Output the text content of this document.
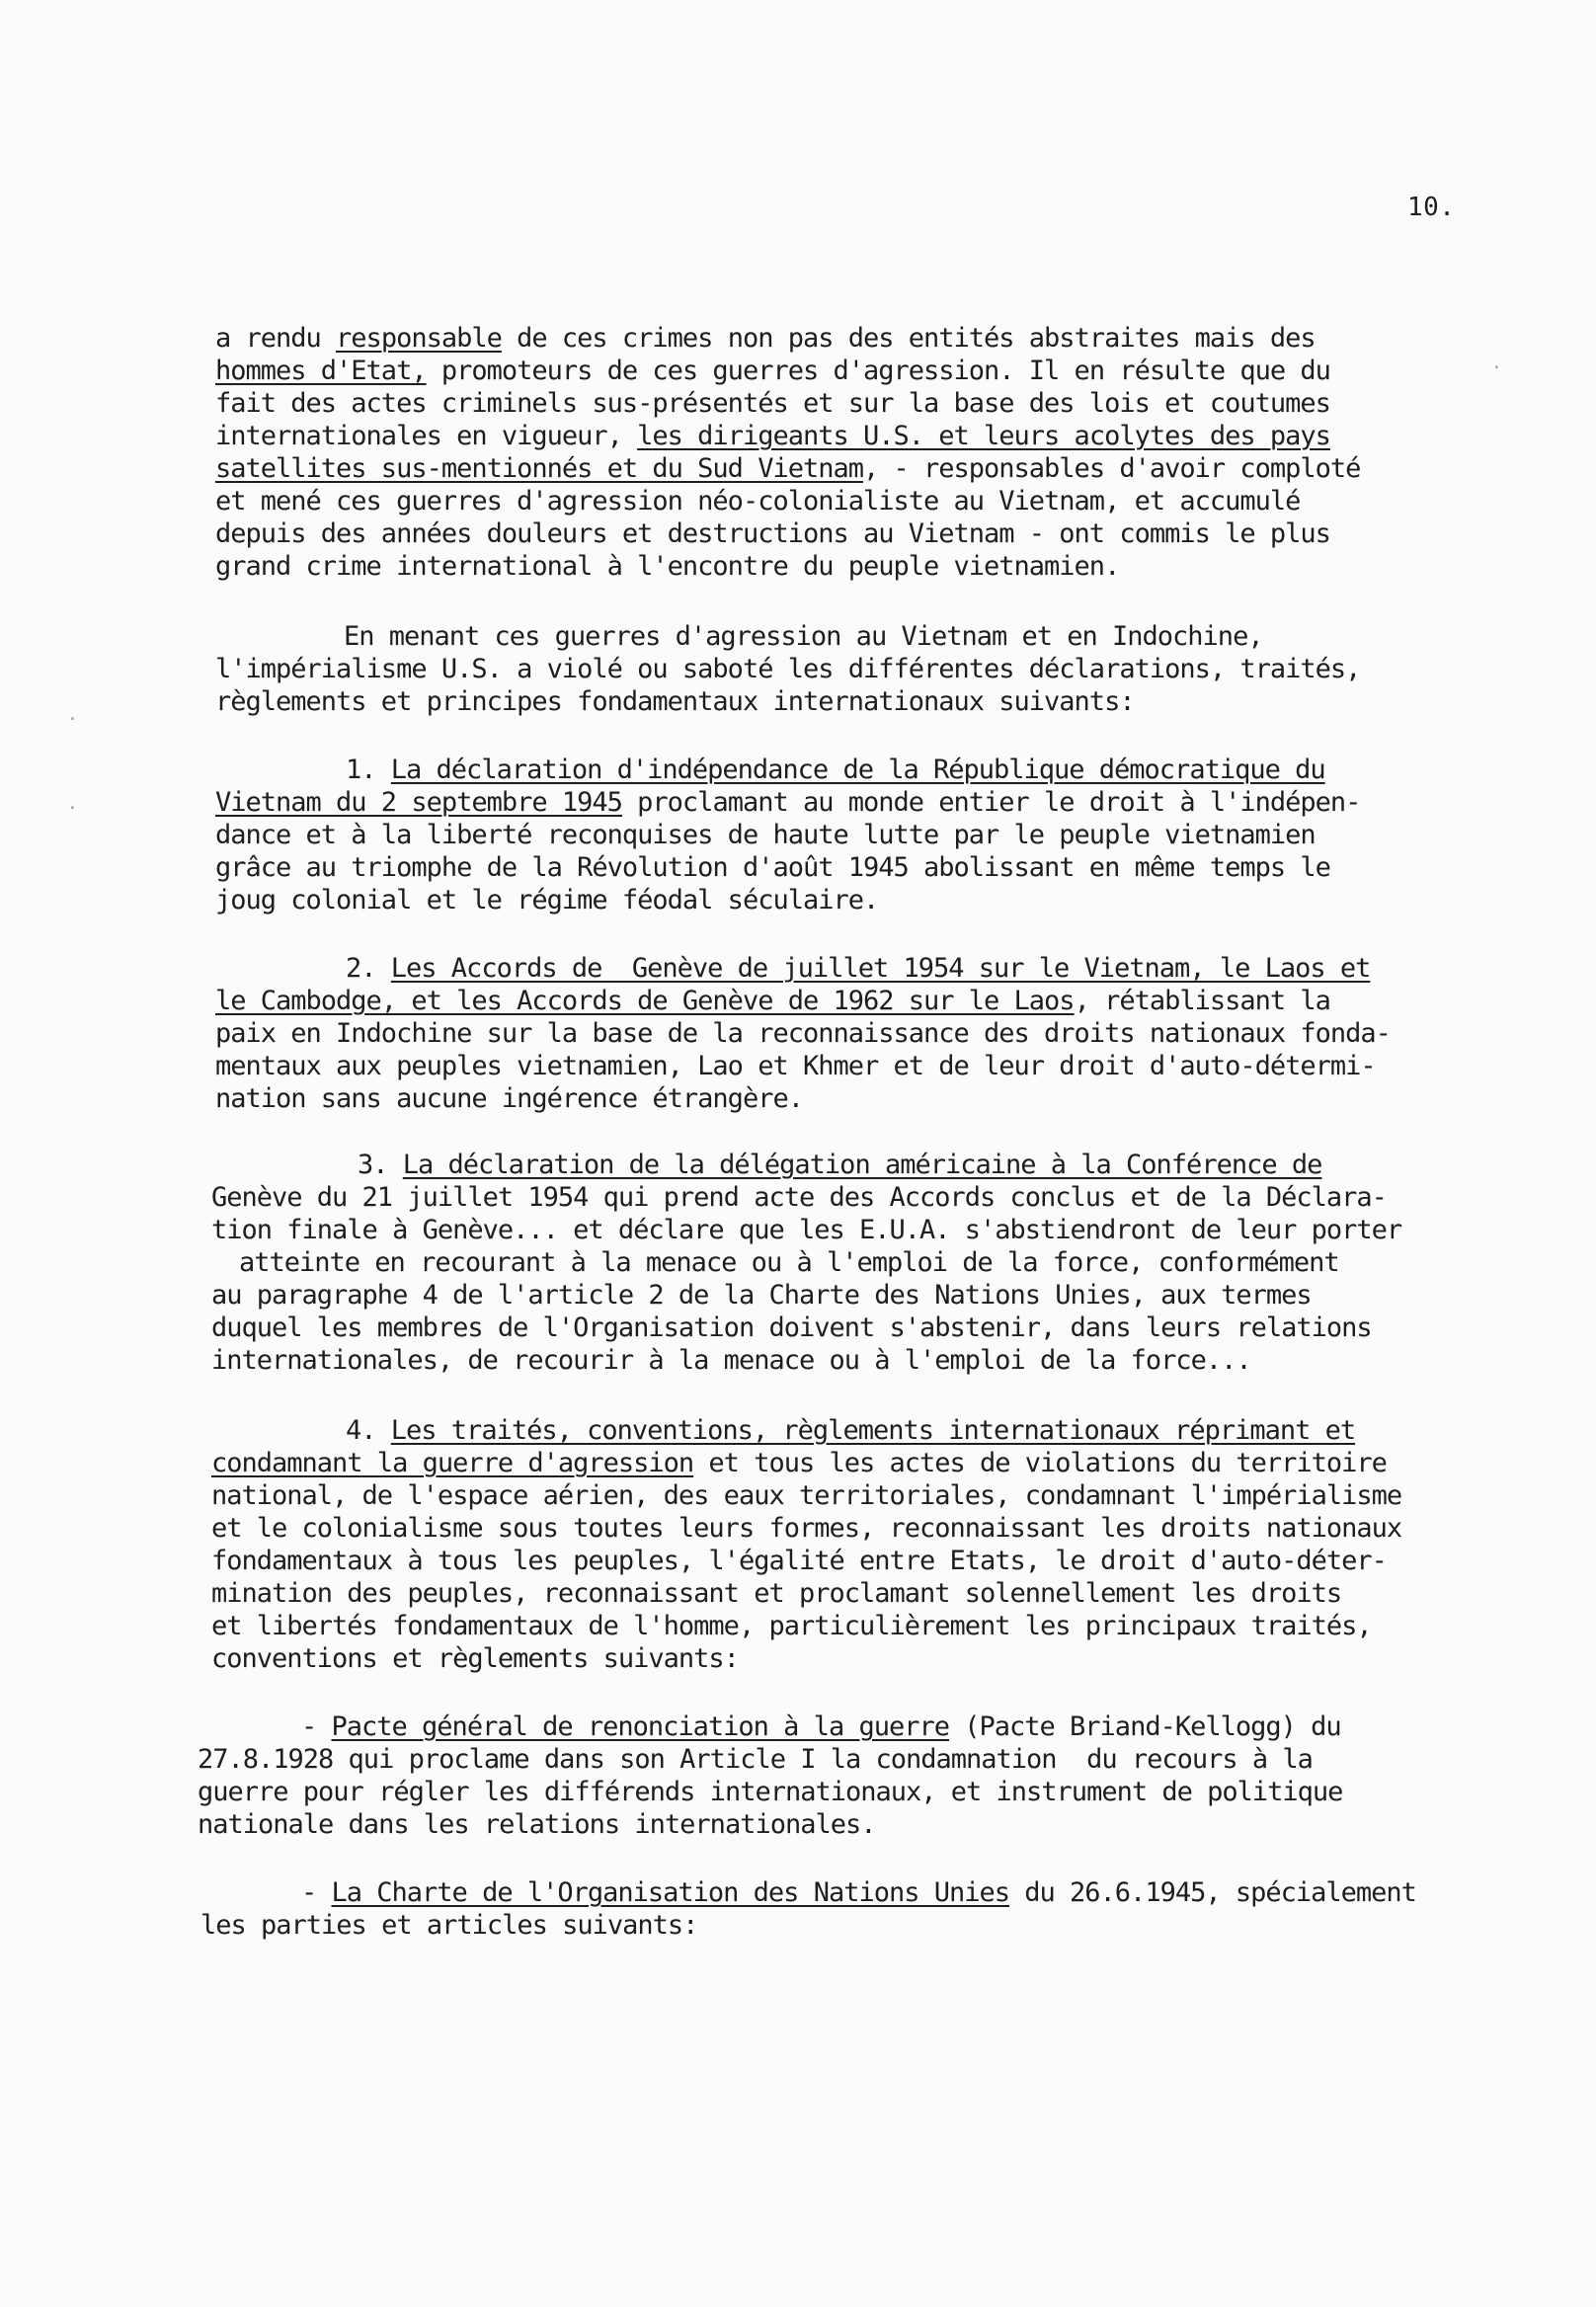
10.
a rendu responsable de ces crimes non pas des entités abstraites mais des
hommes d'Etat, promoteurs de ces guerres d'agression. Il en résulte que du
fait des actes criminels sus-présentés et sur la base des lois et coutumes
internationales en vigueur, les dirigeants U.S. et leurs acolytes des pays
satellites sus-mentionnés et du Sud Vietnam, - responsables d'avoir comploté
et mené ces guerres d'agression néo-colonialiste au Vietnam, et accumulé
depuis des années douleurs et destructions au Vietnam - ont commis le plus
grand crime international à l'encontre du peuple vietnamien.
En menant ces guerres d'agression au Vietnam et en Indochine,
l'impérialisme U.S. a violé ou saboté les différentes déclarations, traités,
règlements et principes fondamentaux internationaux suivants:
1. La déclaration d'indépendance de la République démocratique du
Vietnam du 2 septembre 1945 proclamant au monde entier le droit à l'indépen-
dance et à la liberté reconquises de haute lutte par le peuple vietnamien
grâce au triomphe de la Révolution d'août 1945 abolissant en même temps le
joug colonial et le régime féodal séculaire.
2. Les Accords de  Genève de juillet 1954 sur le Vietnam, le Laos et
le Cambodge, et les Accords de Genève de 1962 sur le Laos, rétablissant la
paix en Indochine sur la base de la reconnaissance des droits nationaux fonda-
mentaux aux peuples vietnamien, Lao et Khmer et de leur droit d'auto-détermi-
nation sans aucune ingérence étrangère.
3. La déclaration de la délégation américaine à la Conférence de
Genève du 21 juillet 1954 qui prend acte des Accords conclus et de la Déclara-
tion finale à Genève... et déclare que les E.U.A. s'abstiendront de leur porter
atteinte en recourant à la menace ou à l'emploi de la force, conformément
au paragraphe 4 de l'article 2 de la Charte des Nations Unies, aux termes
duquel les membres de l'Organisation doivent s'abstenir, dans leurs relations
internationales, de recourir à la menace ou à l'emploi de la force...
4. Les traités, conventions, règlements internationaux réprimant et
condamnant la guerre d'agression et tous les actes de violations du territoire
national, de l'espace aérien, des eaux territoriales, condamnant l'impérialisme
et le colonialisme sous toutes leurs formes, reconnaissant les droits nationaux
fondamentaux à tous les peuples, l'égalité entre Etats, le droit d'auto-déter-
mination des peuples, reconnaissant et proclamant solennellement les droits
et libertés fondamentaux de l'homme, particulièrement les principaux traités,
conventions et règlements suivants:
- Pacte général de renonciation à la guerre (Pacte Briand-Kellogg) du
27.8.1928 qui proclame dans son Article I la condamnation  du recours à la
guerre pour régler les différends internationaux, et instrument de politique
nationale dans les relations internationales.
- La Charte de l'Organisation des Nations Unies du 26.6.1945, spécialement
les parties et articles suivants:
·
·
·
